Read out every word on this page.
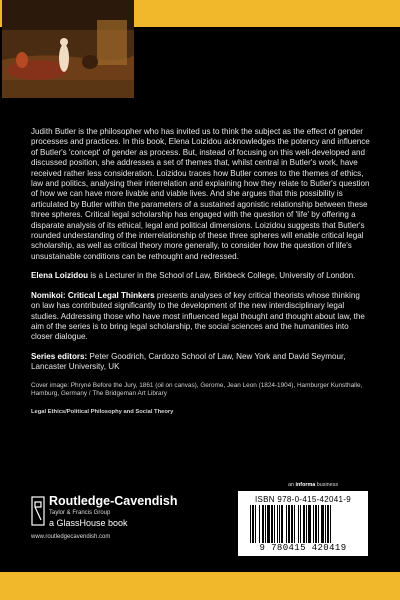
Judith Butler is the philosopher who has invited us to think the subject as the effect of gender processes and practices. In this book, Elena Loizidou acknowledges the potency and influence of Butler's 'concept' of gender as process. But, instead of focusing on this well-developed and discussed position, she addresses a set of themes that, whilst central in Butler's work, have received rather less consideration. Loizidou traces how Butler comes to the themes of ethics, law and politics, analysing their interrelation and explaining how they relate to Butler's question of how we can have more livable and viable lives. And she argues that this possibility is articulated by Butler within the parameters of a sustained agonistic relationship between these three spheres. Critical legal scholarship has engaged with the question of 'life' by offering a disparate analysis of its ethical, legal and political dimensions. Loizidou suggests that Butler's rounded understanding of the interrelationship of these three spheres will enable critical legal scholarship, as well as critical theory more generally, to consider how the question of life's unsustainable conditions can be rethought and redressed.

Elena Loizidou is a Lecturer in the School of Law, Birkbeck College, University of London.

Nomikoi: Critical Legal Thinkers presents analyses of key critical theorists whose thinking on law has contributed significantly to the development of the new interdisciplinary legal studies. Addressing those who have most influenced legal thought and thought about law, the aim of the series is to bring legal scholarship, the social sciences and the humanities into closer dialogue.

Series editors: Peter Goodrich, Cardozo School of Law, New York and David Seymour, Lancaster University, UK

Cover image: Phryné Before the Jury, 1861 (oil on canvas), Gerome, Jean Leon (1824-1904), Hamburger Kunsthalle, Hamburg, Germany / The Bridgeman Art Library

Legal Ethics/Political Philosophy and Social Theory
Routledge-Cavendish
Taylor & Francis Group
a GlassHouse book
www.routledgecavendish.com
an informa business
ISBN 978-0-415-42041-9
9 780415 420419
